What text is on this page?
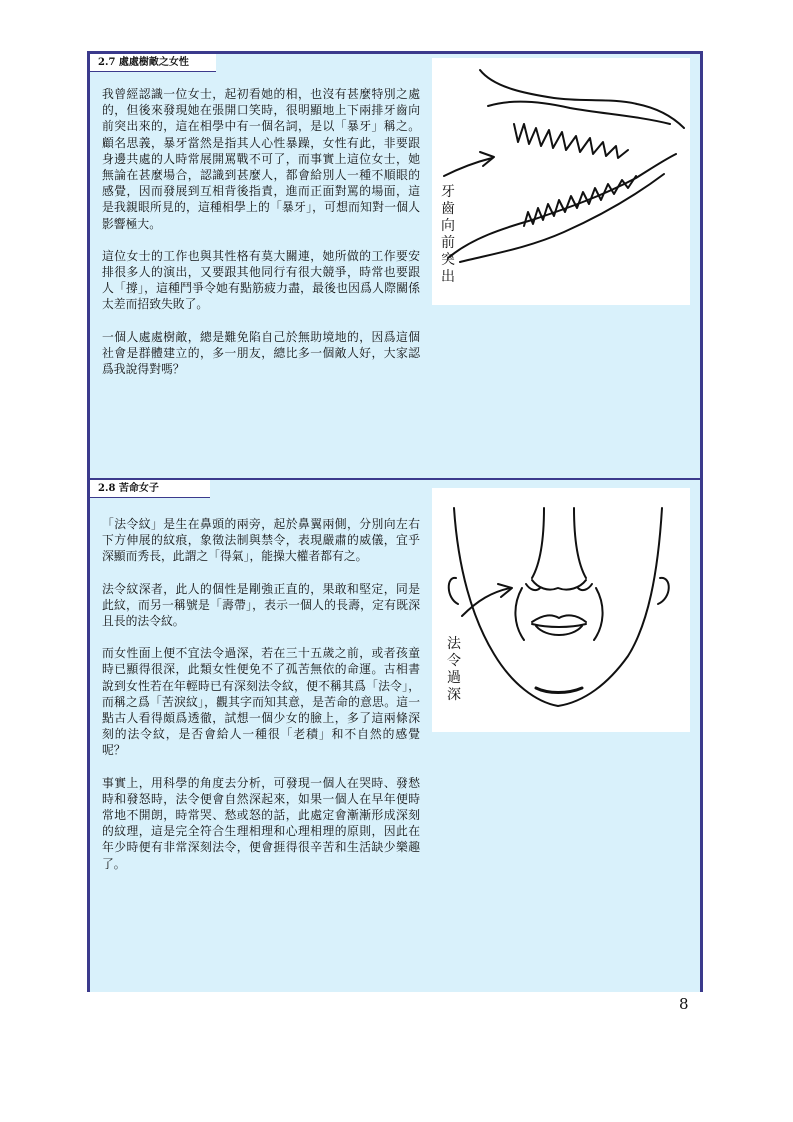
2.7 處處樹敵之女性

我曾經認識一位女士，起初看她的相，也沒有甚麼特別之處的，但後來發現她在張開口笑時，很明顯地上下兩排牙齒向前突出來的，這在相學中有一個名詞，是以「暴牙」稱之。顧名思義，暴牙當然是指其人心性暴躁，女性有此，非要跟身邊共處的人時常展開罵戰不可了，而事實上這位女士，她無論在甚麼場合，認識到甚麼人，都會給別人一種不順眼的感覺，因而發展到互相背後指責，進而正面對罵的場面，這是我親眼所見的，這種相學上的「暴牙」，可想而知對一個人影響極大。

這位女士的工作也與其性格有莫大關連，她所做的工作要安排很多人的演出，又要跟其他同行有很大競爭，時常也要跟人「撐」，這種鬥爭令她有點筋疲力盡，最後也因爲人際關係太差而招致失敗了。

一個人處處樹敵，總是難免陷自己於無助境地的，因爲這個社會是群體建立的，多一朋友，總比多一個敵人好，大家認爲我說得對嗎？

牙齒向前突出
2.8 苦命女子

「法令紋」是生在鼻頭的兩旁，起於鼻翼兩側，分別向左右下方伸展的紋痕，象徵法制與禁令，表現嚴肅的威儀，宜乎深顯而秀長，此謂之「得氣」，能操大權者都有之。

法令紋深者，此人的個性是剛強正直的，果敢和堅定，同是此紋，而另一稱號是「壽帶」，表示一個人的長壽，定有既深且長的法令紋。

而女性面上便不宜法令過深，若在三十五歲之前，或者孩童時已顯得很深，此類女性便免不了孤苦無依的命運。古相書說到女性若在年輕時已有深刻法令紋，便不稱其爲「法令」，而稱之爲「苦淚紋」，觀其字而知其意，是苦命的意思。這一點古人看得頗爲透徹，試想一個少女的臉上，多了這兩條深刻的法令紋，是否會給人一種很「老積」和不自然的感覺呢？

事實上，用科學的角度去分析，可發現一個人在哭時、發愁時和發怒時，法令便會自然深起來，如果一個人在早年便時常地不開朗，時常哭、愁或怒的話，此處定會漸漸形成深刻的紋理，這是完全符合生理相理和心理相理的原則，因此在年少時便有非常深刻法令，便會捱得很辛苦和生活缺少樂趣了。

法令過深
8
